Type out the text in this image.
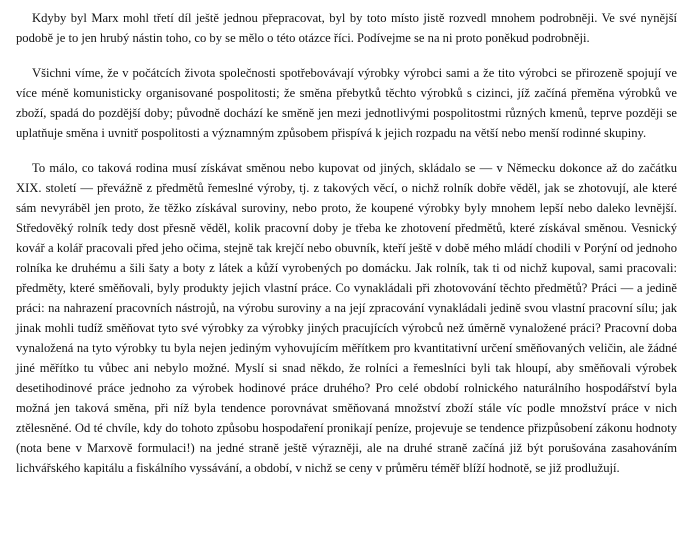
Kdyby byl Marx mohl třetí díl ještě jednou přepracovat, byl by toto místo jistě rozvedl mnohem podrobněji. Ve své nynější podobě je to jen hrubý nástin toho, co by se mělo o této otázce říci. Podívejme se na ni proto poněkud podrobněji.

Všichni víme, že v počátcích života společnosti spotřebovávají výrobky výrobci sami a že tito výrobci se přirozeně spojují ve více méně komunisticky organisované pospolitosti; že směna přebytků těchto výrobků s cizinci, jíž začíná přeměna výrobků ve zboží, spadá do pozdější doby; původně dochází ke směně jen mezi jednotlivými pospolitostmi různých kmenů, teprve později se uplatňuje směna i uvnitř pospolitosti a významným způsobem přispívá k jejich rozpadu na větší nebo menší rodinné skupiny.

To málo, co taková rodina musí získávat směnou nebo kupovat od jiných, skládalo se — v Německu dokonce až do začátku XIX. století — převážně z předmětů řemeslné výroby, tj. z takových věcí, o nichž rolník dobře věděl, jak se zhotovují, ale které sám nevyráběl jen proto, že těžko získával suroviny, nebo proto, že koupené výrobky byly mnohem lepší nebo daleko levnější. Středověký rolník tedy dost přesně věděl, kolik pracovní doby je třeba ke zhotovení předmětů, které získával směnou. Vesnický kovář a kolář pracovali před jeho očima, stejně tak krejčí nebo obuvník, kteří ještě v době mého mládí chodili v Porýní od jednoho rolníka ke druhému a šili šaty a boty z látek a kůží vyrobených po domácku. Jak rolník, tak ti od nichž kupoval, sami pracovali: předměty, které směňovali, byly produkty jejich vlastní práce. Co vynakládali při zhotovování těchto předmětů? Práci — a jedině práci: na nahrazení pracovních nástrojů, na výrobu suroviny a na její zpracování vynakládali jedině svou vlastní pracovní sílu; jak jinak mohli tudíž směňovat tyto své výrobky za výrobky jiných pracujících výrobců než úměrně vynaložené práci? Pracovní doba vynaložená na tyto výrobky tu byla nejen jediným vyhovujícím měřítkem pro kvantitativní určení směňovaných veličin, ale žádné jiné měřítko tu vůbec ani nebylo možné. Myslí si snad někdo, že rolníci a řemeslníci byli tak hloupí, aby směňovali výrobek desetihodinové práce jednoho za výrobek hodinové práce druhého? Pro celé období rolnického naturálního hospodářství byla možná jen taková směna, při níž byla tendence porovnávat směňovaná množství zboží stále víc podle množství práce v nich ztělesněné. Od té chvíle, kdy do tohoto způsobu hospodaření pronikají peníze, projevuje se tendence přizpůsobení zákonu hodnoty (nota bene v Marxově formulaci!) na jedné straně ještě výrazněji, ale na druhé straně začíná již být porušována zasahováním lichvářského kapitálu a fiskálního vyssávání, a období, v nichž se ceny v průměru téměř blíží hodnotě, se již prodlužují.
